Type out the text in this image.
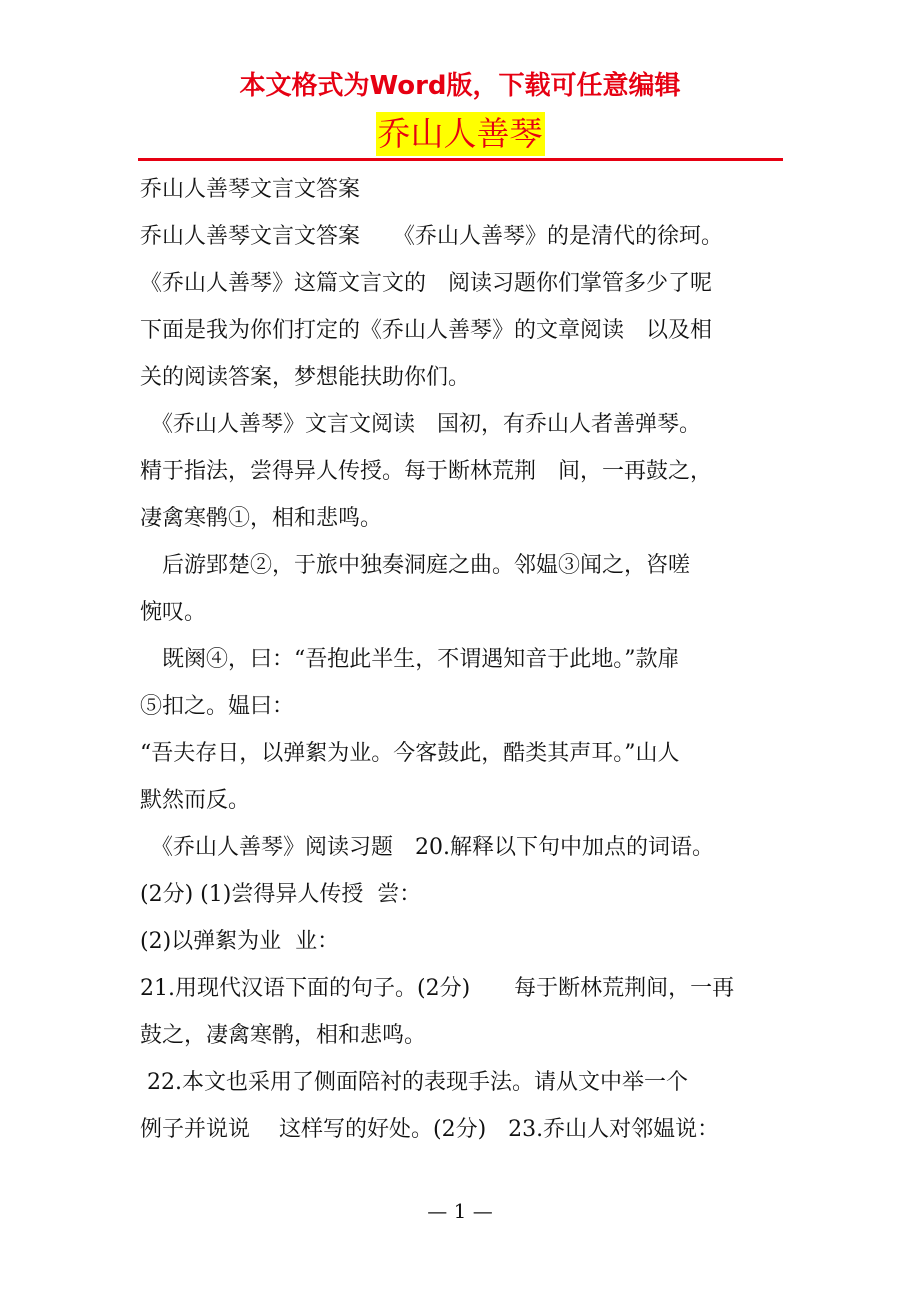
本文格式为Word版，下载可任意编辑
乔山人善琴
乔山人善琴文言文答案
乔山人善琴文言文答案　　《乔山人善琴》的是清代的徐珂。
《乔山人善琴》这篇文言文的　阅读习题你们掌管多少了呢
下面是我为你们打定的《乔山人善琴》的文章阅读　以及相
关的阅读答案，梦想能扶助你们。
　《乔山人善琴》文言文阅读　国初，有乔山人者善弹琴。
精于指法，尝得异人传授。每于断林荒荆　间，一再鼓之，
凄禽寒鹘①，相和悲鸣。
　后游郢楚②，于旅中独奏洞庭之曲。邻媪③闻之，咨嗟
惋叹。
　既阕④，曰：“吾抱此半生，不谓遇知音于此地。”款扉
⑤扣之。媪曰：
“吾夫存日，以弹絮为业。今客鼓此，酷类其声耳。”山人
默然而反。
　《乔山人善琴》阅读习题　20.解释以下句中加点的词语。
(2分) (1)尝得异人传授  尝：
(2)以弹絮为业  业：
21.用现代汉语下面的句子。(2分)　　每于断林荒荆间，一再
鼓之，凄禽寒鹘，相和悲鸣。
22.本文也采用了侧面陪衬的表现手法。请从文中举一个
例子并说说　 这样写的好处。(2分)　23.乔山人对邻媪说：
— 1 —
